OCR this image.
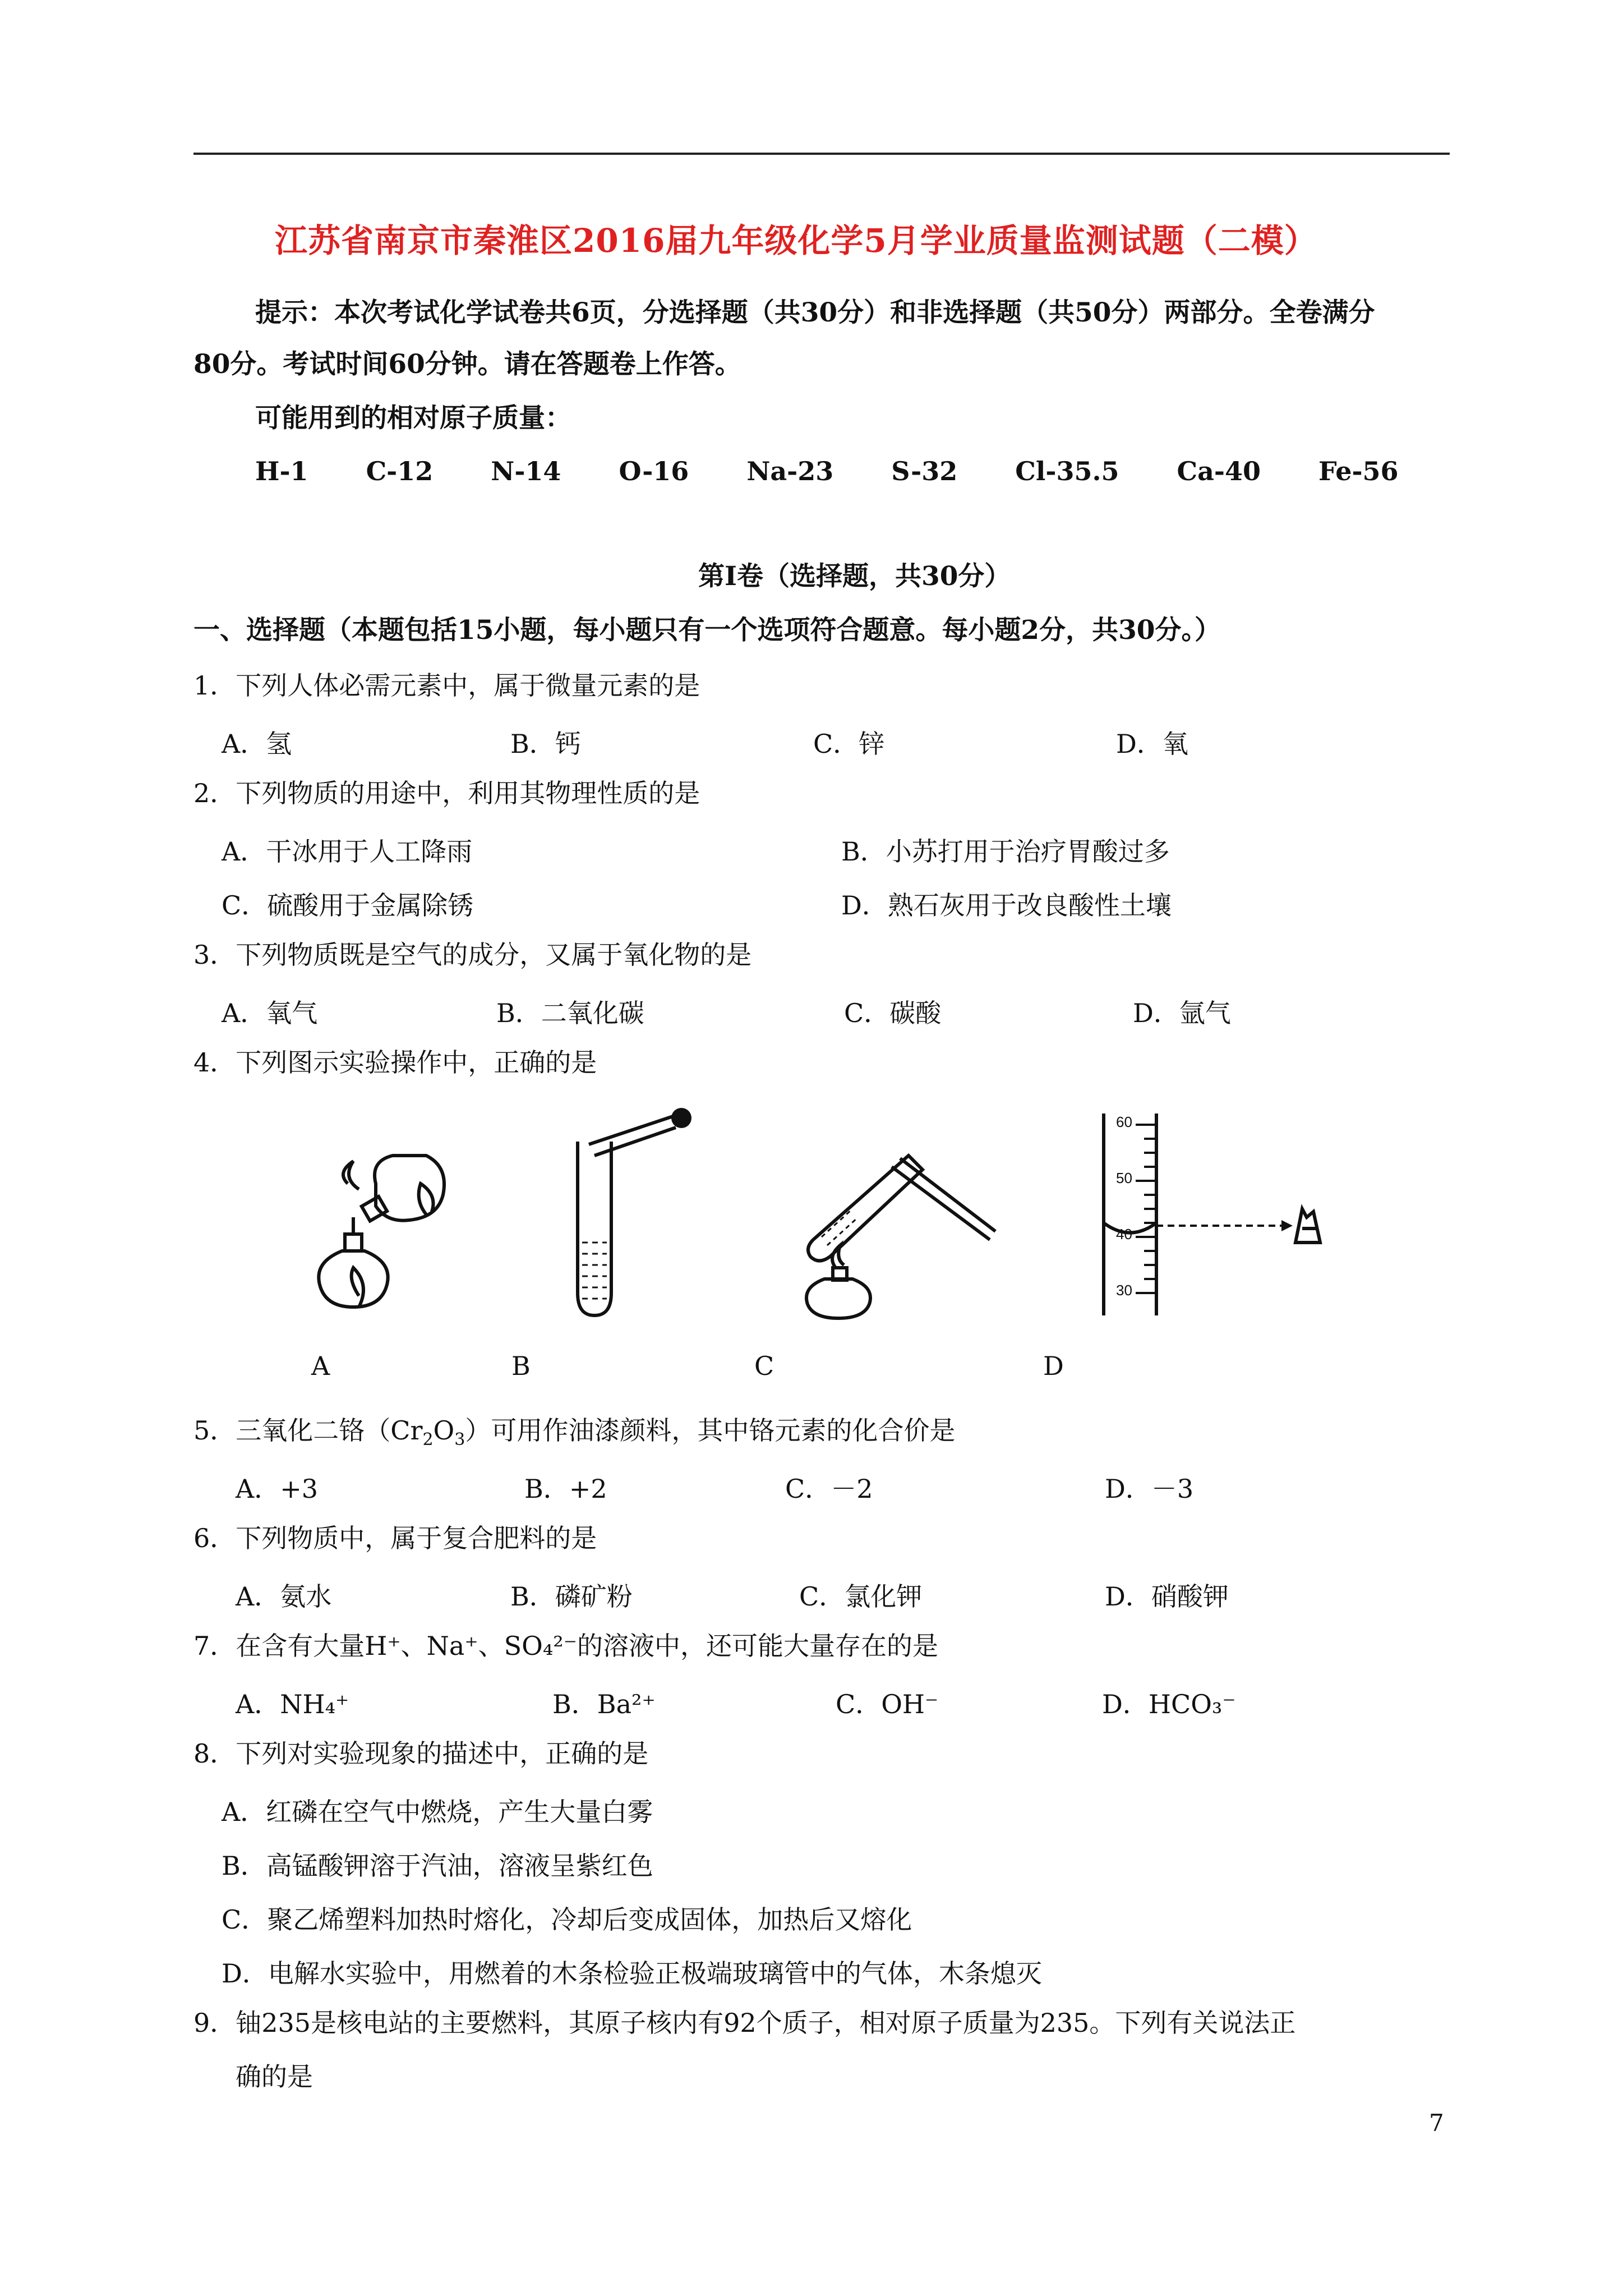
江苏省南京市秦淮区2016届九年级化学5月学业质量监测试题（二模）
提示：本次考试化学试卷共6页，分选择题（共30分）和非选择题（共50分）两部分。全卷满分
80分。考试时间60分钟。请在答题卷上作答。
可能用到的相对原子质量：
H-1 C-12 N-14 O-16 Na-23 S-32 Cl-35.5 Ca-40 Fe-56
第Ⅰ卷（选择题，共30分）
一、选择题（本题包括15小题，每小题只有一个选项符合题意。每小题2分，共30分。）
1．下列人体必需元素中，属于微量元素的是
A．氢	B．钙	C．锌	D．氧
2．下列物质的用途中，利用其物理性质的是
A．干冰用于人工降雨	B．小苏打用于治疗胃酸过多
C．硫酸用于金属除锈	D．熟石灰用于改良酸性土壤
3．下列物质既是空气的成分，又属于氧化物的是
A．氧气	B．二氧化碳	C．碳酸	D．氩气
4．下列图示实验操作中，正确的是
A	B	C
60
50
40
30
D
5．三氧化二铬$(Cr_2O_3)$可用作油漆颜料，其中铬元素的化合价是
A．+3	B．+2	C．－2	D．－3
6．下列物质中，属于复合肥料的是
A．氨水	B．磷矿粉	C．氯化钾	D．硝酸钾
7．在含有大量H⁺、Na⁺、SO₄²⁻的溶液中，还可能大量存在的是
A．NH₄⁺	B．Ba²⁺	C．OH⁻	D．HCO₃⁻
8．下列对实验现象的描述中，正确的是
A．红磷在空气中燃烧，产生大量白雾
B．高锰酸钾溶于汽油，溶液呈紫红色
C．聚乙烯塑料加热时熔化，冷却后变成固体，加热后又熔化
D．电解水实验中，用燃着的木条检验正极端玻璃管中的气体，木条熄灭
9．铀235是核电站的主要燃料，其原子核内有92个质子，相对原子质量为235。下列有关说法正
确的是
7
